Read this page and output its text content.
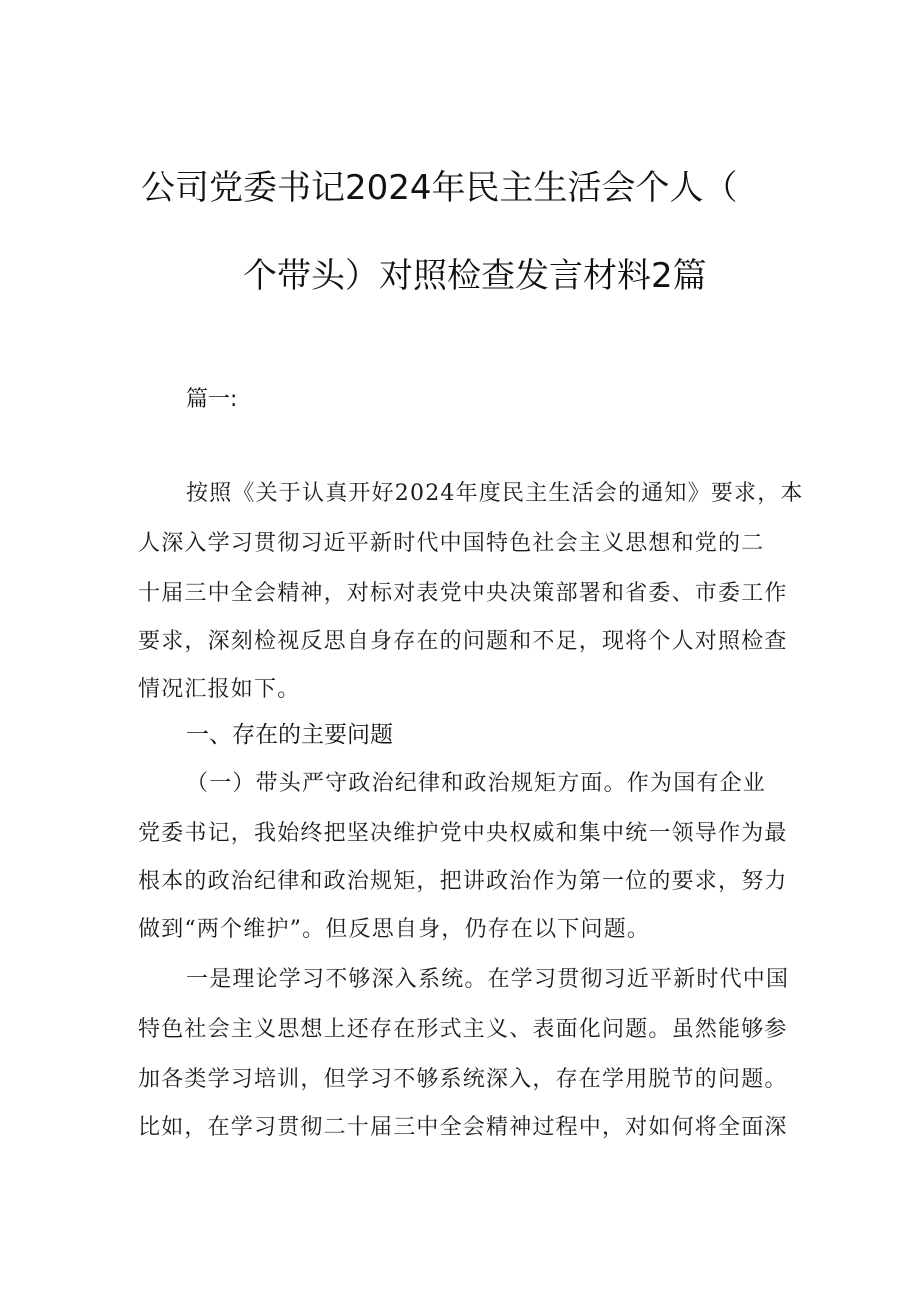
公司党委书记2024年民主生活会个人（
个带头）对照检查发言材料2篇
篇一:
按照《关于认真开好2024年度民主生活会的通知》要求，本
人深入学习贯彻习近平新时代中国特色社会主义思想和党的二
十届三中全会精神，对标对表党中央决策部署和省委、市委工作
要求，深刻检视反思自身存在的问题和不足，现将个人对照检查
情况汇报如下。
一、存在的主要问题
（一）带头严守政治纪律和政治规矩方面。作为国有企业
党委书记，我始终把坚决维护党中央权威和集中统一领导作为最
根本的政治纪律和政治规矩，把讲政治作为第一位的要求，努力
做到“两个维护”。但反思自身，仍存在以下问题。
一是理论学习不够深入系统。在学习贯彻习近平新时代中国
特色社会主义思想上还存在形式主义、表面化问题。虽然能够参
加各类学习培训，但学习不够系统深入，存在学用脱节的问题。
比如，在学习贯彻二十届三中全会精神过程中，对如何将全面深
